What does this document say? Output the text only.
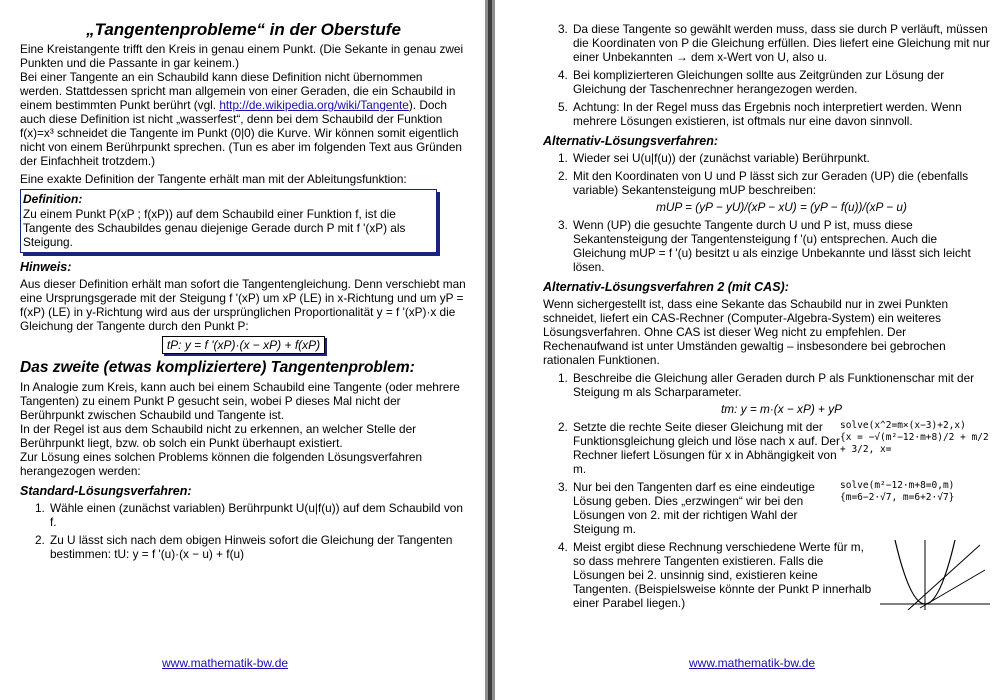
„Tangentenprobleme“ in der Oberstufe

Eine Kreistangente trifft den Kreis in genau einem Punkt. (Die Sekante in genau zwei Punkten und die Passante in gar keinem.)

Bei einer Tangente an ein Schaubild kann diese Definition nicht übernommen werden. Stattdessen spricht man allgemein von einer Geraden, die ein Schaubild in einem bestimmten Punkt berührt (vgl. http://de.wikipedia.org/wiki/Tangente). Doch auch diese Definition ist nicht „wasserfest“, denn bei dem Schaubild der Funktion f(x)=x³ schneidet die Tangente im Punkt (0|0) die Kurve. Wir können somit eigentlich nicht von einem Berührpunkt sprechen. (Tun es aber im folgenden Text aus Gründen der Einfachheit trotzdem.)

Eine exakte Definition der Tangente erhält man mit der Ableitungsfunktion:

Definition:

Zu einem Punkt P(xP ; f(xP)) auf dem Schaubild einer Funktion f, ist die Tangente des Schaubildes genau diejenige Gerade durch P mit f '(xP) als Steigung.

Hinweis:

Aus dieser Definition erhält man sofort die Tangentengleichung. Denn verschiebt man eine Ursprungsgerade mit der Steigung f '(xP) um xP (LE) in x-Richtung und um yP = f(xP) (LE) in y-Richtung wird aus der ursprünglichen Proportionalität y = f '(xP)·x die Gleichung der Tangente durch den Punkt P:

tP: y = f '(xP)·(x − xP) + f(xP)

Das zweite (etwas kompliziertere) Tangentenproblem:

In Analogie zum Kreis, kann auch bei einem Schaubild eine Tangente (oder mehrere Tangenten) zu einem Punkt P gesucht sein, wobei P dieses Mal nicht der Berührpunkt zwischen Schaubild und Tangente ist.

In der Regel ist aus dem Schaubild nicht zu erkennen, an welcher Stelle der Berührpunkt liegt, bzw. ob solch ein Punkt überhaupt existiert.

Zur Lösung eines solchen Problems können die folgenden Lösungsverfahren herangezogen werden:

Standard-Lösungsverfahren:

1. Wähle einen (zunächst variablen) Berührpunkt U(u|f(u)) auf dem Schaubild von f.
2. Zu U lässt sich nach dem obigen Hinweis sofort die Gleichung der Tangenten bestimmen: tU: y = f '(u)·(x − u) + f(u)
www.mathematik-bw.de
3. Da diese Tangente so gewählt werden muss, dass sie durch P verläuft, müssen die Koordinaten von P die Gleichung erfüllen. Dies liefert eine Gleichung mit nur einer Unbekannten → dem x-Wert von U, also u.
4. Bei komplizierteren Gleichungen sollte aus Zeitgründen zur Lösung der Gleichung der Taschenrechner herangezogen werden.
5. Achtung: In der Regel muss das Ergebnis noch interpretiert werden. Wenn mehrere Lösungen existieren, ist oftmals nur eine davon sinnvoll.

Alternativ-Lösungsverfahren:

1. Wieder sei U(u|f(u)) der (zunächst variable) Berührpunkt.
2. Mit den Koordinaten von U und P lässt sich zur Geraden (UP) die (ebenfalls variable) Sekantensteigung mUP beschreiben:
mUP = (yP − yU)/(xP − xU) = (yP − f(u))/(xP − u)
3. Wenn (UP) die gesuchte Tangente durch U und P ist, muss diese Sekantensteigung der Tangentensteigung f '(u) entsprechen. Auch die Gleichung mUP = f '(u) besitzt u als einzige Unbekannte und lässt sich leicht lösen.

Alternativ-Lösungsverfahren 2 (mit CAS):

Wenn sichergestellt ist, dass eine Sekante das Schaubild nur in zwei Punkten schneidet, liefert ein CAS-Rechner (Computer-Algebra-System) ein weiteres Lösungsverfahren. Ohne CAS ist dieser Weg nicht zu empfehlen. Der Rechenaufwand ist unter Umständen gewaltig – insbesondere bei gebrochen rationalen Funktionen.

1. Beschreibe die Gleichung aller Geraden durch P als Funktionenschar mit der Steigung m als Scharparameter.
tm: y = m·(x − xP) + yP
2. Setzte die rechte Seite dieser Gleichung mit der Funktionsgleichung gleich und löse nach x auf. Der Rechner liefert Lösungen für x in Abhängigkeit von m.
solve(x^2=m×(x−3)+2,x)
{x = −√(m²−12·m+8)/2 + m/2 + 3/2, x=
3. Nur bei den Tangenten darf es eine eindeutige Lösung geben. Dies „erzwingen“ wir bei den Lösungen von 2. mit der richtigen Wahl der Steigung m.
solve(m²−12·m+8=0,m)
{m=6−2·√7, m=6+2·√7}
4. Meist ergibt diese Rechnung verschiedene Werte für m, so dass mehrere Tangenten existieren. Falls die Lösungen bei 2. unsinnig sind, existieren keine Tangenten. (Beispielsweise könnte der Punkt P innerhalb einer Parabel liegen.)
www.mathematik-bw.de
